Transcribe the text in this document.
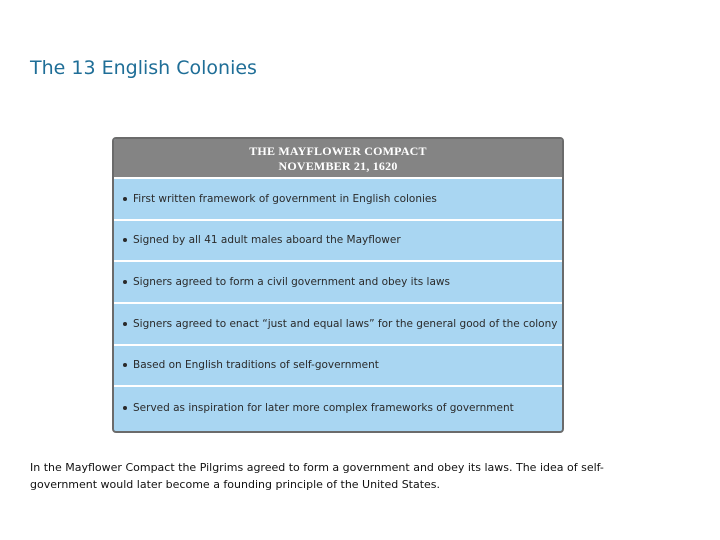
The 13 English Colonies
THE MAYFLOWER COMPACT
NOVEMBER 21, 1620
First written framework of government in English colonies
Signed by all 41 adult males aboard the Mayflower
Signers agreed to form a civil government and obey its laws
Signers agreed to enact “just and equal laws” for the general good of the colony
Based on English traditions of self-government
Served as inspiration for later more complex frameworks of government

In the Mayflower Compact the Pilgrims agreed to form a government and obey its laws. The idea of self-government would later become a founding principle of the United States.
